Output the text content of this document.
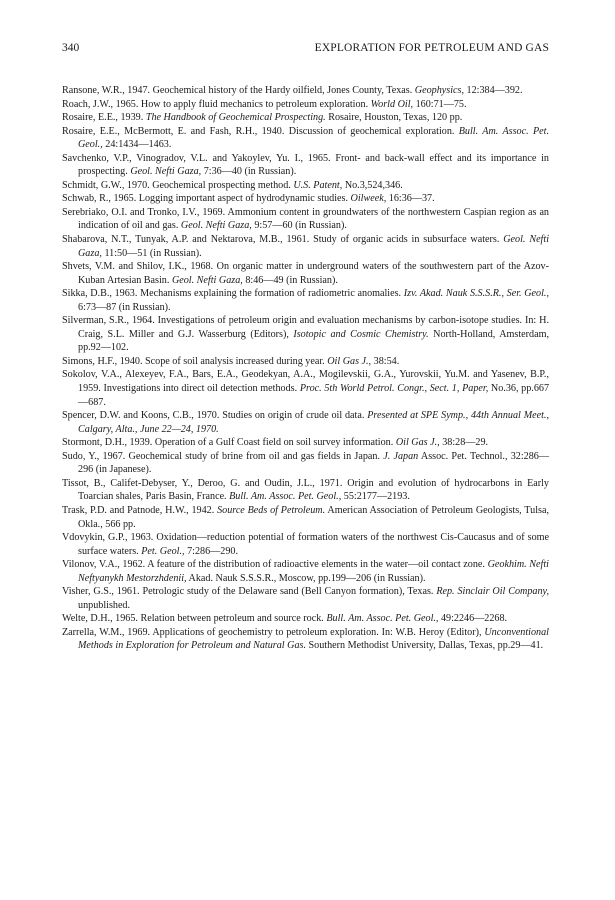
340	EXPLORATION FOR PETROLEUM AND GAS
Ransone, W.R., 1947. Geochemical history of the Hardy oilfield, Jones County, Texas. Geophysics, 12:384—392.
Roach, J.W., 1965. How to apply fluid mechanics to petroleum exploration. World Oil, 160:71—75.
Rosaire, E.E., 1939. The Handbook of Geochemical Prospecting. Rosaire, Houston, Texas, 120 pp.
Rosaire, E.E., McBermott, E. and Fash, R.H., 1940. Discussion of geochemical exploration. Bull. Am. Assoc. Pet. Geol., 24:1434—1463.
Savchenko, V.P., Vinogradov, V.L. and Yakoylev, Yu. I., 1965. Front- and back-wall effect and its importance in prospecting. Geol. Nefti Gaza, 7:36—40 (in Russian).
Schmidt, G.W., 1970. Geochemical prospecting method. U.S. Patent, No.3,524,346.
Schwab, R., 1965. Logging important aspect of hydrodynamic studies. Oilweek, 16:36—37.
Serebriako, O.I. and Tronko, I.V., 1969. Ammonium content in groundwaters of the northwestern Caspian region as an indication of oil and gas. Geol. Nefti Gaza, 9:57—60 (in Russian).
Shabarova, N.T., Tunyak, A.P. and Nektarova, M.B., 1961. Study of organic acids in subsurface waters. Geol. Nefti Gaza, 11:50—51 (in Russian).
Shvets, V.M. and Shilov, I.K., 1968. On organic matter in underground waters of the southwestern part of the Azov-Kuban Artesian Basin. Geol. Nefti Gaza, 8:46—49 (in Russian).
Sikka, D.B., 1963. Mechanisms explaining the formation of radiometric anomalies. Izv. Akad. Nauk S.S.S.R., Ser. Geol., 6:73—87 (in Russian).
Silverman, S.R., 1964. Investigations of petroleum origin and evaluation mechanisms by carbon-isotope studies. In: H. Craig, S.L. Miller and G.J. Wasserburg (Editors), Isotopic and Cosmic Chemistry. North-Holland, Amsterdam, pp.92—102.
Simons, H.F., 1940. Scope of soil analysis increased during year. Oil Gas J., 38:54.
Sokolov, V.A., Alexeyev, F.A., Bars, E.A., Geodekyan, A.A., Mogilevskii, G.A., Yurovskii, Yu.M. and Yasenev, B.P., 1959. Investigations into direct oil detection methods. Proc. 5th World Petrol. Congr., Sect. 1, Paper, No.36, pp.667—687.
Spencer, D.W. and Koons, C.B., 1970. Studies on origin of crude oil data. Presented at SPE Symp., 44th Annual Meet., Calgary, Alta., June 22—24, 1970.
Stormont, D.H., 1939. Operation of a Gulf Coast field on soil survey information. Oil Gas J., 38:28—29.
Sudo, Y., 1967. Geochemical study of brine from oil and gas fields in Japan. J. Japan Assoc. Pet. Technol., 32:286—296 (in Japanese).
Tissot, B., Califet-Debyser, Y., Deroo, G. and Oudin, J.L., 1971. Origin and evolution of hydrocarbons in Early Toarcian shales, Paris Basin, France. Bull. Am. Assoc. Pet. Geol., 55:2177—2193.
Trask, P.D. and Patnode, H.W., 1942. Source Beds of Petroleum. American Association of Petroleum Geologists, Tulsa, Okla., 566 pp.
Vdovykin, G.P., 1963. Oxidation—reduction potential of formation waters of the northwest Cis-Caucasus and of some surface waters. Pet. Geol., 7:286—290.
Vilonov, V.A., 1962. A feature of the distribution of radioactive elements in the water—oil contact zone. Geokhim. Nefti Neftyanykh Mestorzhdenii, Akad. Nauk S.S.S.R., Moscow, pp.199—206 (in Russian).
Visher, G.S., 1961. Petrologic study of the Delaware sand (Bell Canyon formation), Texas. Rep. Sinclair Oil Company, unpublished.
Welte, D.H., 1965. Relation between petroleum and source rock. Bull. Am. Assoc. Pet. Geol., 49:2246—2268.
Zarrella, W.M., 1969. Applications of geochemistry to petroleum exploration. In: W.B. Heroy (Editor), Unconventional Methods in Exploration for Petroleum and Natural Gas. Southern Methodist University, Dallas, Texas, pp.29—41.
